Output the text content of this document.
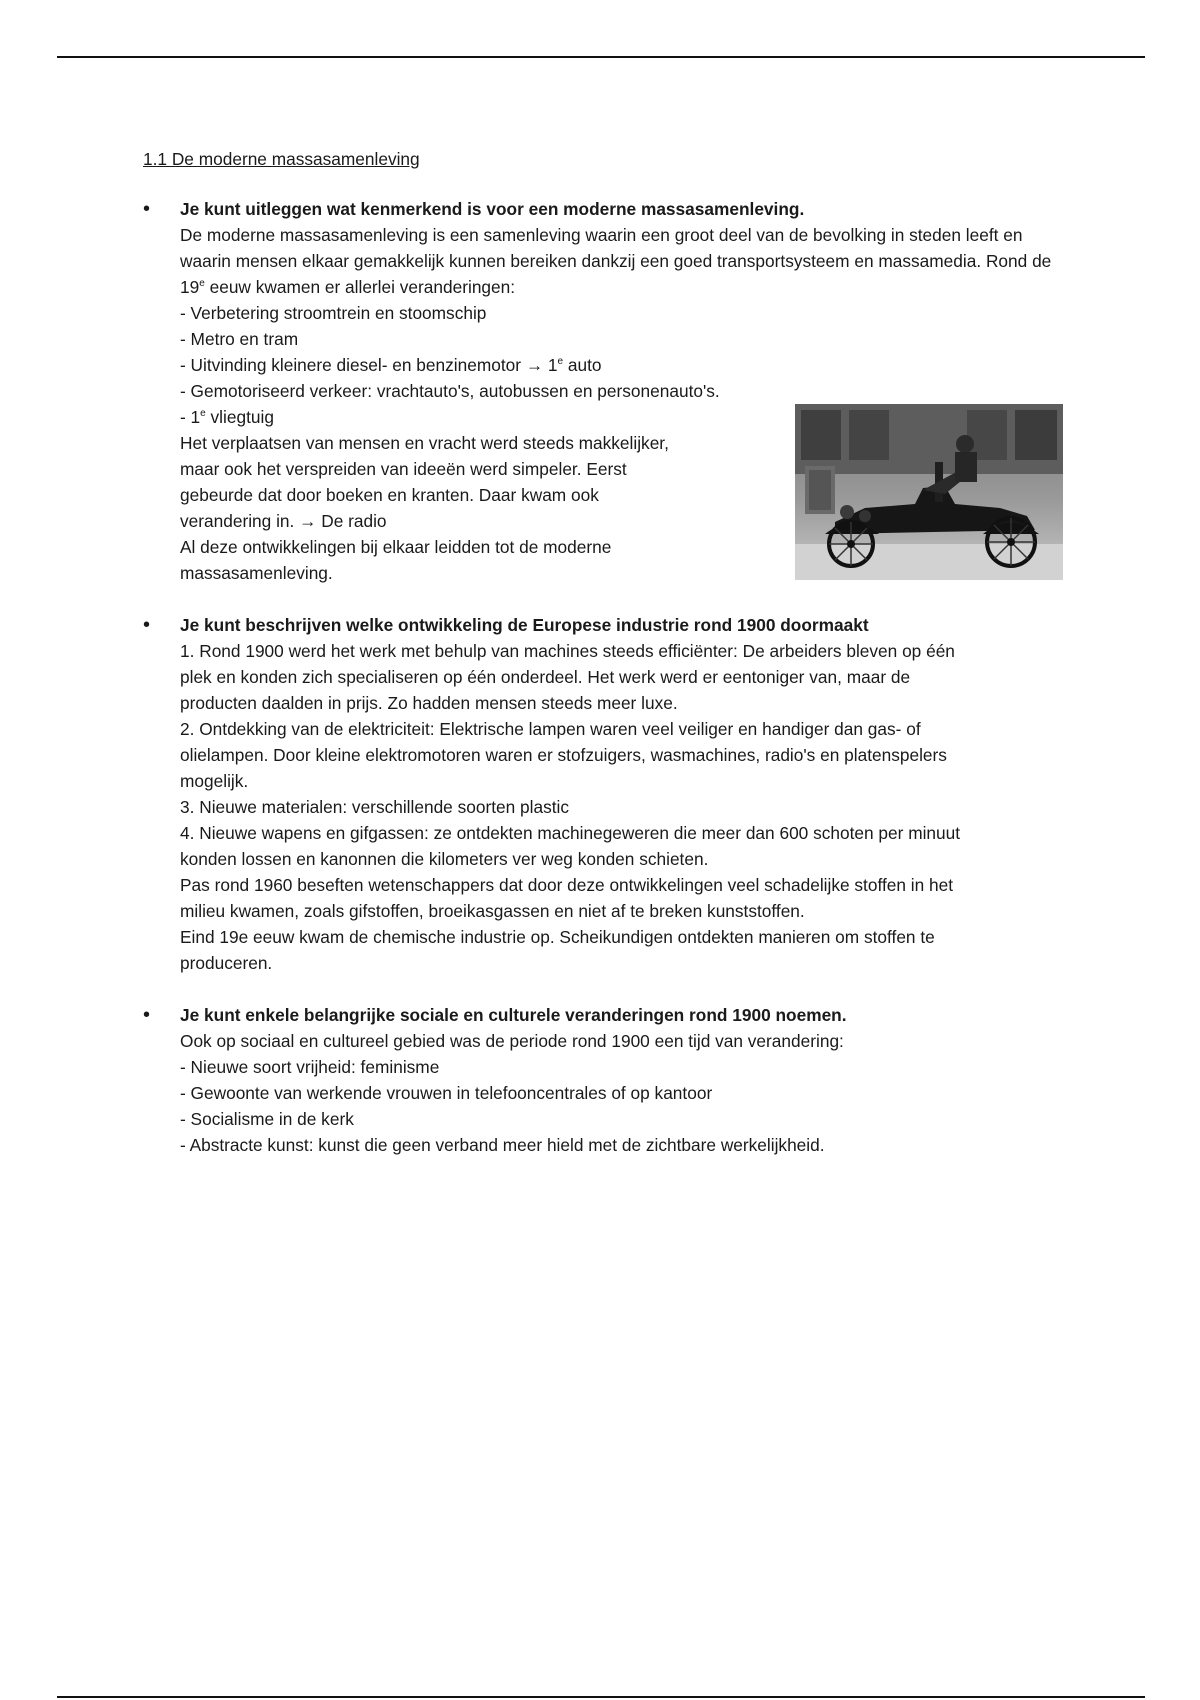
1.1 De moderne massasamenleving
• Je kunt uitleggen wat kenmerkend is voor een moderne massasamenleving.
De moderne massasamenleving is een samenleving waarin een groot deel van de bevolking in steden leeft en waarin mensen elkaar gemakkelijk kunnen bereiken dankzij een goed transportsysteem en massamedia. Rond de 19e eeuw kwamen er allerlei veranderingen:
- Verbetering stroomtrein en stoomschip
- Metro en tram
- Uitvinding kleinere diesel- en benzinemotor → $1^e$ auto
- Gemotoriseerd verkeer: vrachtauto's, autobussen en personenauto's.
- 1e vliegtuig
Het verplaatsen van mensen en vracht werd steeds makkelijker,
maar ook het verspreiden van ideeën werd simpeler. Eerst
gebeurde dat door boeken en kranten. Daar kwam ook
verandering in. → De radio
Al deze ontwikkelingen bij elkaar leidden tot de moderne
massasamenleving.
• Je kunt beschrijven welke ontwikkeling de Europese industrie rond 1900 doormaakt
1. Rond 1900 werd het werk met behulp van machines steeds efficiënter: De arbeiders bleven op één
plek en konden zich specialiseren op één onderdeel. Het werk werd er eentoniger van, maar de
producten daalden in prijs. Zo hadden mensen steeds meer luxe.
2. Ontdekking van de elektriciteit: Elektrische lampen waren veel veiliger en handiger dan gas- of
olielampen. Door kleine elektromotoren waren er stofzuigers, wasmachines, radio's en platenspelers
mogelijk.
3. Nieuwe materialen: verschillende soorten plastic
4. Nieuwe wapens en gifgassen: ze ontdekten machinegeweren die meer dan 600 schoten per minuut
konden lossen en kanonnen die kilometers ver weg konden schieten.
Pas rond 1960 beseften wetenschappers dat door deze ontwikkelingen veel schadelijke stoffen in het
milieu kwamen, zoals gifstoffen, broeikasgassen en niet af te breken kunststoffen.
Eind 19e eeuw kwam de chemische industrie op. Scheikundigen ontdekten manieren om stoffen te
produceren.
• Je kunt enkele belangrijke sociale en culturele veranderingen rond 1900 noemen.
Ook op sociaal en cultureel gebied was de periode rond 1900 een tijd van verandering:
- Nieuwe soort vrijheid: feminisme
- Gewoonte van werkende vrouwen in telefooncentrales of op kantoor
- Socialisme in de kerk
- Abstracte kunst: kunst die geen verband meer hield met de zichtbare werkelijkheid.
